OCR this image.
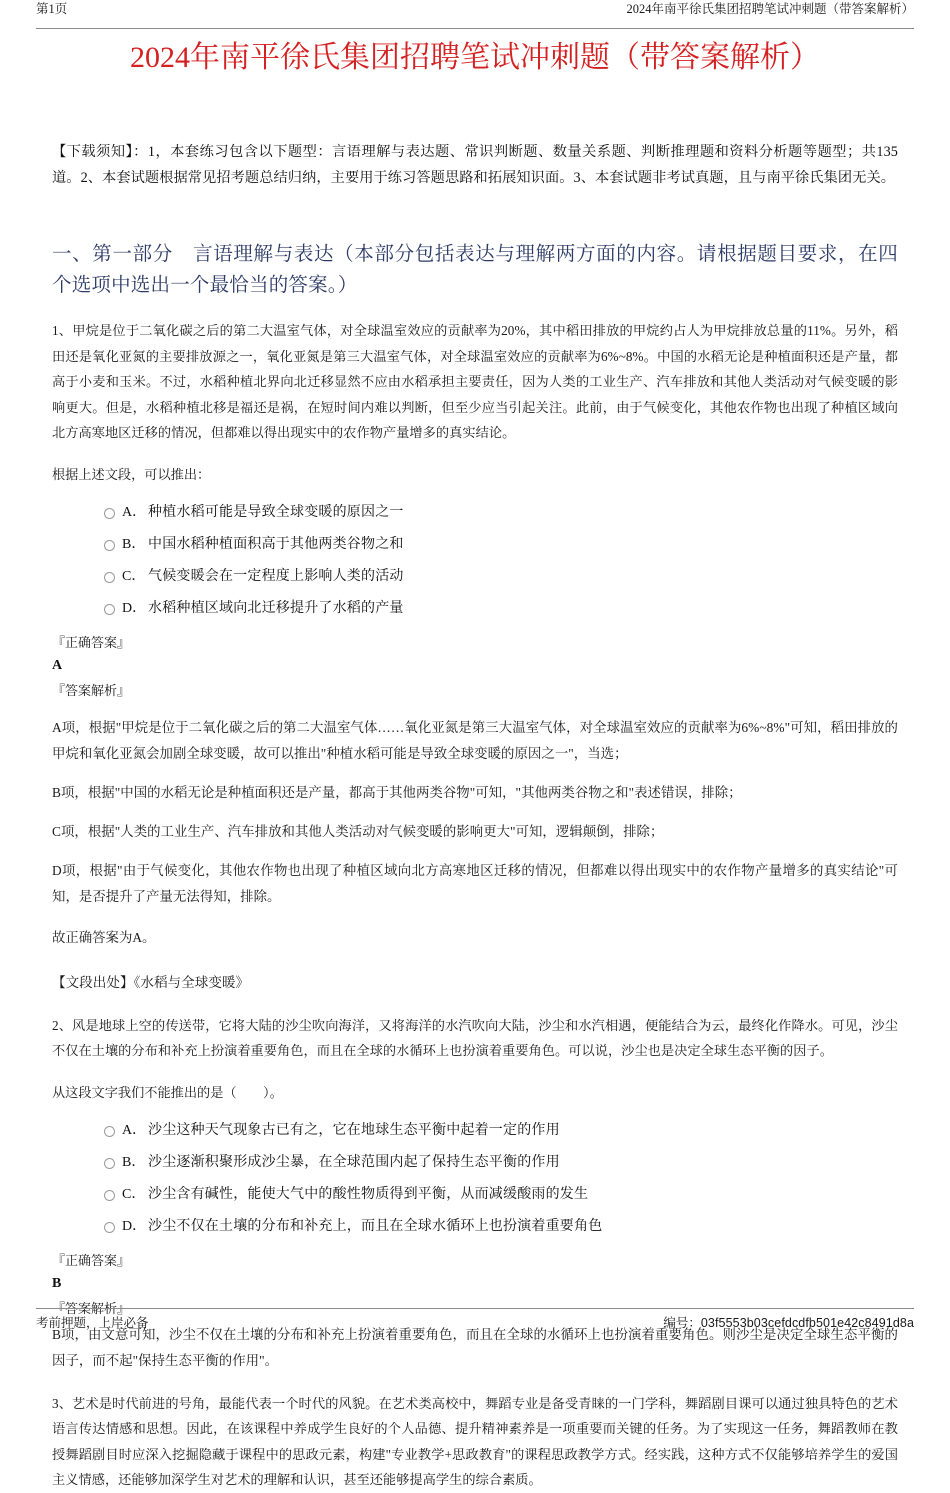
第1页	2024年南平徐氏集团招聘笔试冲刺题（带答案解析）
2024年南平徐氏集团招聘笔试冲刺题（带答案解析）

【下载须知】：1，本套练习包含以下题型：言语理解与表达题、常识判断题、数量关系题、判断推理题和资料分析题等题型；共135道。2、本套试题根据常见招考题总结归纳，主要用于练习答题思路和拓展知识面。3、本套试题非考试真题，且与南平徐氏集团无关。

一、第一部分　言语理解与表达（本部分包括表达与理解两方面的内容。请根据题目要求，在四个选项中选出一个最恰当的答案。）

1、甲烷是位于二氧化碳之后的第二大温室气体，对全球温室效应的贡献率为20%，其中稻田排放的甲烷约占人为甲烷排放总量的11%。另外，稻田还是氧化亚氮的主要排放源之一，氧化亚氮是第三大温室气体，对全球温室效应的贡献率为6%~8%。中国的水稻无论是种植面积还是产量，都高于小麦和玉米。不过，水稻种植北界向北迁移显然不应由水稻承担主要责任，因为人类的工业生产、汽车排放和其他人类活动对气候变暖的影响更大。但是，水稻种植北移是福还是祸，在短时间内难以判断，但至少应当引起关注。此前，由于气候变化，其他农作物也出现了种植区域向北方高寒地区迁移的情况，但都难以得出现实中的农作物产量增多的真实结论。

根据上述文段，可以推出：

A． 种植水稻可能是导致全球变暖的原因之一
B． 中国水稻种植面积高于其他两类谷物之和
C． 气候变暖会在一定程度上影响人类的活动
D． 水稻种植区域向北迁移提升了水稻的产量

『正确答案』

A

『答案解析』

A项，根据"甲烷是位于二氧化碳之后的第二大温室气体……氧化亚氮是第三大温室气体，对全球温室效应的贡献率为6%~8%"可知，稻田排放的甲烷和氧化亚氮会加剧全球变暖，故可以推出"种植水稻可能是导致全球变暖的原因之一"，当选；

B项，根据"中国的水稻无论是种植面积还是产量，都高于其他两类谷物"可知，"其他两类谷物之和"表述错误，排除；

C项，根据"人类的工业生产、汽车排放和其他人类活动对气候变暖的影响更大"可知，逻辑颠倒，排除；

D项，根据"由于气候变化，其他农作物也出现了种植区域向北方高寒地区迁移的情况，但都难以得出现实中的农作物产量增多的真实结论"可知，是否提升了产量无法得知，排除。

故正确答案为A。

【文段出处】《水稻与全球变暖》

2、风是地球上空的传送带，它将大陆的沙尘吹向海洋，又将海洋的水汽吹向大陆，沙尘和水汽相遇，便能结合为云，最终化作降水。可见，沙尘不仅在土壤的分布和补充上扮演着重要角色，而且在全球的水循环上也扮演着重要角色。可以说，沙尘也是决定全球生态平衡的因子。

从这段文字我们不能推出的是（　　）。

A． 沙尘这种天气现象古已有之，它在地球生态平衡中起着一定的作用
B． 沙尘逐渐积聚形成沙尘暴，在全球范围内起了保持生态平衡的作用
C． 沙尘含有碱性，能使大气中的酸性物质得到平衡，从而减缓酸雨的发生
D． 沙尘不仅在土壤的分布和补充上，而且在全球水循环上也扮演着重要角色

『正确答案』

B

『答案解析』

B项，由文意可知，沙尘不仅在土壤的分布和补充上扮演着重要角色，而且在全球的水循环上也扮演着重要角色。则沙尘是决定全球生态平衡的因子，而不起"保持生态平衡的作用"。

3、艺术是时代前进的号角，最能代表一个时代的风貌。在艺术类高校中，舞蹈专业是备受青睐的一门学科，舞蹈剧目课可以通过独具特色的艺术语言传达情感和思想。因此，在该课程中养成学生良好的个人品德、提升精神素养是一项重要而关键的任务。为了实现这一任务，舞蹈教师在教授舞蹈剧目时应深入挖掘隐藏于课程中的思政元素，构建"专业教学+思政教育"的课程思政教学方式。经实践，这种方式不仅能够培养学生的爱国主义情感，还能够加深学生对艺术的理解和认识，甚至还能够提高学生的综合素质。

考前押题，上岸必备	编号：03f5553b03cefdcdfb501e42c8491d8a
